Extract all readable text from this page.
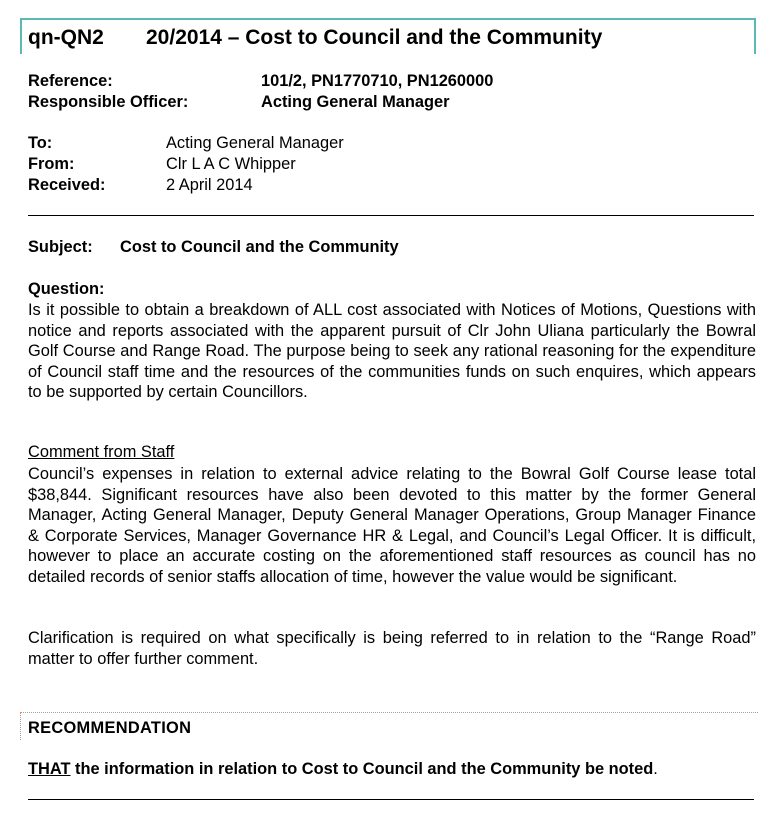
qn-QN2 20/2014 – Cost to Council and the Community
Reference:	101/2, PN1770710, PN1260000
Responsible Officer:	Acting General Manager
To:	Acting General Manager
From:	Clr L A C Whipper
Received:	2 April 2014
Subject: Cost to Council and the Community
Question:
Is it possible to obtain a breakdown of ALL cost associated with Notices of Motions, Questions with notice and reports associated with the apparent pursuit of Clr John Uliana particularly the Bowral Golf Course and Range Road. The purpose being to seek any rational reasoning for the expenditure of Council staff time and the resources of the communities funds on such enquires, which appears to be supported by certain Councillors.
Comment from Staff
Council’s expenses in relation to external advice relating to the Bowral Golf Course lease total $38,844. Significant resources have also been devoted to this matter by the former General Manager, Acting General Manager, Deputy General Manager Operations, Group Manager Finance & Corporate Services, Manager Governance HR & Legal, and Council’s Legal Officer. It is difficult, however to place an accurate costing on the aforementioned staff resources as council has no detailed records of senior staffs allocation of time, however the value would be significant.
Clarification is required on what specifically is being referred to in relation to the “Range Road” matter to offer further comment.
RECOMMENDATION
THAT the information in relation to Cost to Council and the Community be noted.
